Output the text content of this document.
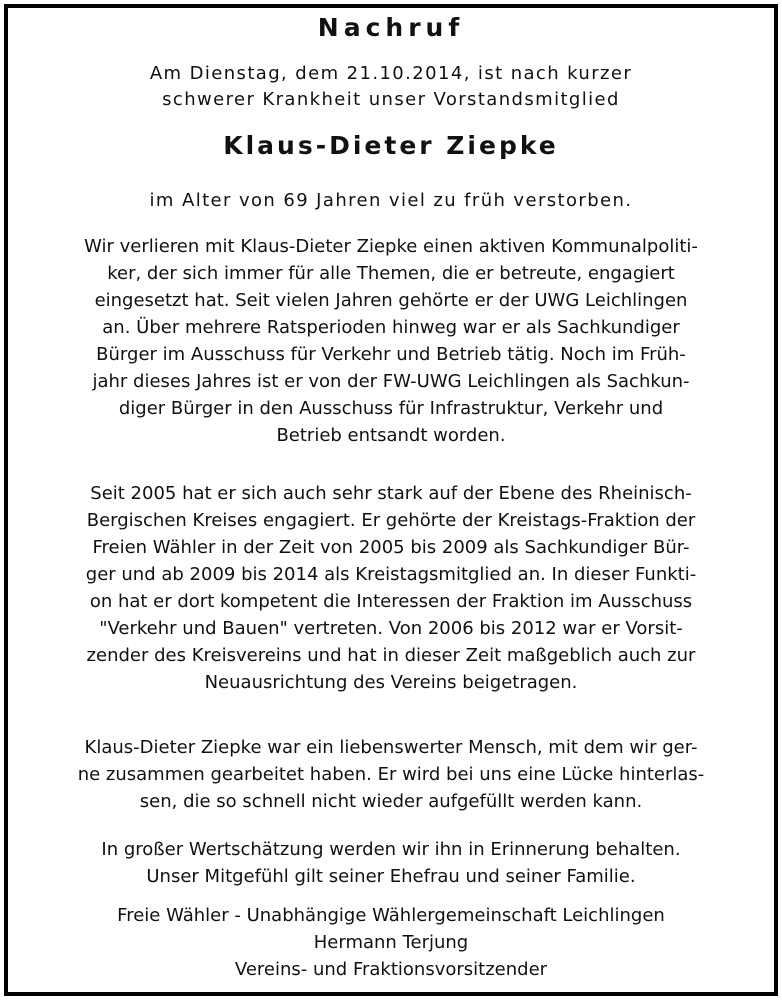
Nachruf
Am Dienstag, dem 21.10.2014, ist nach kurzer
schwerer Krankheit unser Vorstandsmitglied
Klaus-Dieter Ziepke
im Alter von 69 Jahren viel zu früh verstorben.
Wir verlieren mit Klaus-Dieter Ziepke einen aktiven Kommunalpoliti-
ker, der sich immer für alle Themen, die er betreute, engagiert
eingesetzt hat. Seit vielen Jahren gehörte er der UWG Leichlingen
an. Über mehrere Ratsperioden hinweg war er als Sachkundiger
Bürger im Ausschuss für Verkehr und Betrieb tätig. Noch im Früh-
jahr dieses Jahres ist er von der FW-UWG Leichlingen als Sachkun-
diger Bürger in den Ausschuss für Infrastruktur, Verkehr und
Betrieb entsandt worden.
Seit 2005 hat er sich auch sehr stark auf der Ebene des Rheinisch-
Bergischen Kreises engagiert. Er gehörte der Kreistags-Fraktion der
Freien Wähler in der Zeit von 2005 bis 2009 als Sachkundiger Bür-
ger und ab 2009 bis 2014 als Kreistagsmitglied an. In dieser Funkti-
on hat er dort kompetent die Interessen der Fraktion im Ausschuss
"Verkehr und Bauen" vertreten. Von 2006 bis 2012 war er Vorsit-
zender des Kreisvereins und hat in dieser Zeit maßgeblich auch zur
Neuausrichtung des Vereins beigetragen.
Klaus-Dieter Ziepke war ein liebenswerter Mensch, mit dem wir ger-
ne zusammen gearbeitet haben. Er wird bei uns eine Lücke hinterlas-
sen, die so schnell nicht wieder aufgefüllt werden kann.
In großer Wertschätzung werden wir ihn in Erinnerung behalten.
Unser Mitgefühl gilt seiner Ehefrau und seiner Familie.
Freie Wähler - Unabhängige Wählergemeinschaft Leichlingen
Hermann Terjung
Vereins- und Fraktionsvorsitzender
